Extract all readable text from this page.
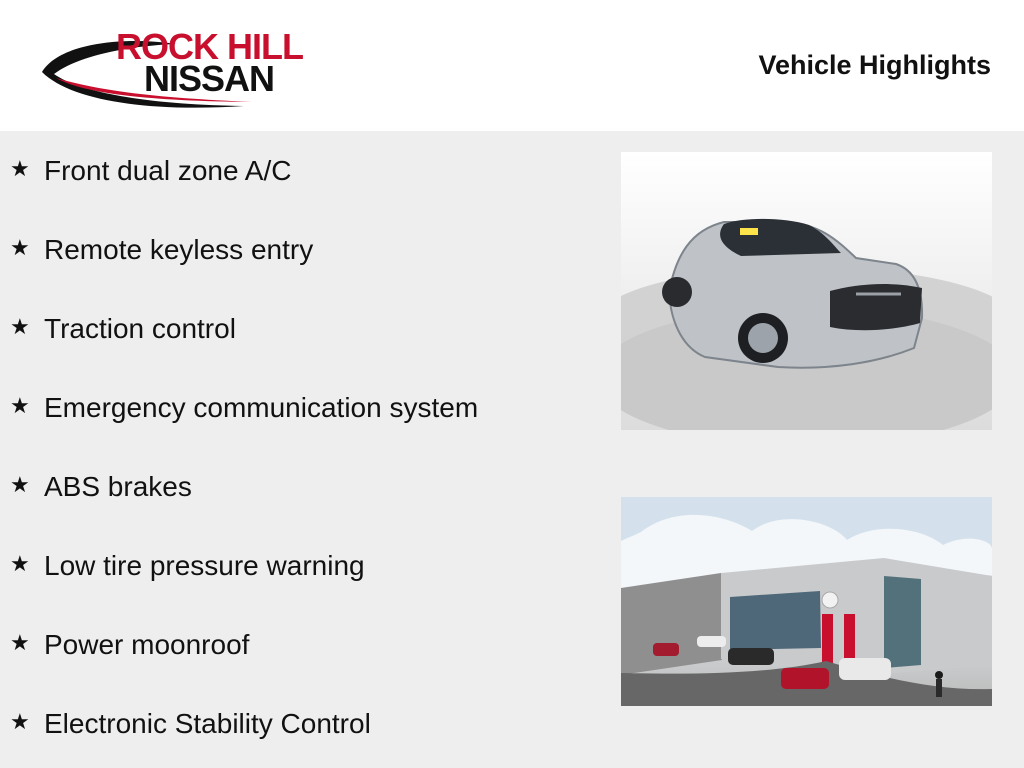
ROCK HILL
NISSAN	Vehicle Highlights
★ Front dual zone A/C
★ Remote keyless entry
★ Traction control
★ Emergency communication system
★ ABS brakes
★ Low tire pressure warning
★ Power moonroof
★ Electronic Stability Control
